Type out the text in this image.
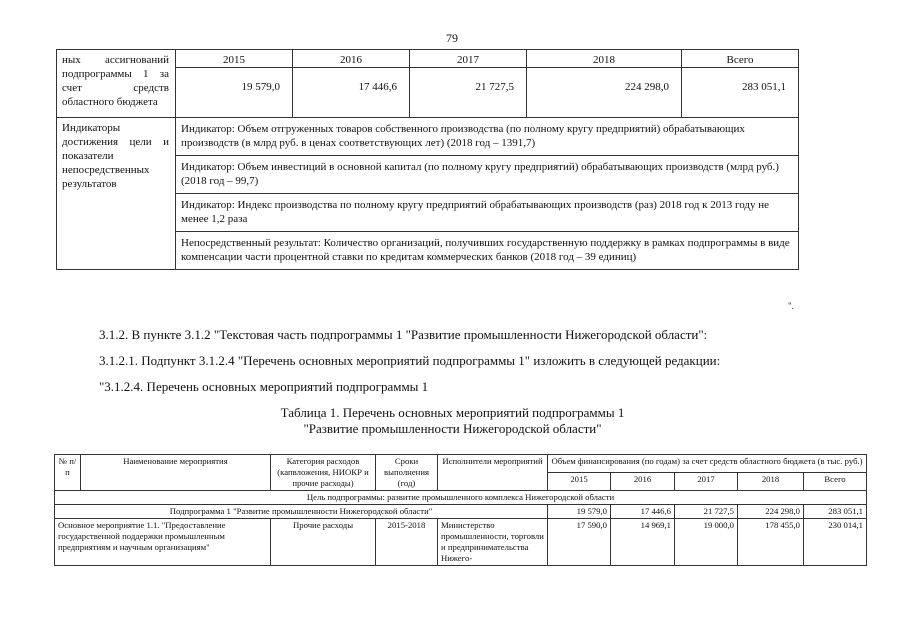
79
ных ассигнований подпрограммы 1 за счет средств областного бюджета	2015	2016	2017	2018	Всего
	19 579,0	17 446,6	21 727,5	224 298,0	283 051,1
Индикаторы достижения цели и показатели непосредственных результатов	Индикатор: Объем отгруженных товаров собственного производства (по полному кругу предприятий) обрабатывающих производств (в млрд руб. в ценах соответствующих лет) (2018 год – 1391,7)				
	Индикатор: Объем инвестиций в основной капитал (по полному кругу предприятий) обрабатывающих производств (млрд руб.) (2018 год – 99,7)				
	Индикатор: Индекс производства по полному кругу предприятий обрабатывающих производств (раз) 2018 год к 2013 году не менее 1,2 раза				
	Непосредственный результат: Количество организаций, получивших государственную поддержку в рамках подпрограммы в виде компенсации части процентной ставки по кредитам коммерческих банков (2018 год – 39 единиц)				
".
3.1.2. В пункте 3.1.2 "Текстовая часть подпрограммы 1 "Развитие промышленности Нижегородской области":
3.1.2.1. Подпункт 3.1.2.4 "Перечень основных мероприятий подпрограммы 1" изложить в следующей редакции:
"3.1.2.4. Перечень основных мероприятий подпрограммы 1
Таблица 1. Перечень основных мероприятий подпрограммы 1
"Развитие промышленности Нижегородской области"
№ п/п	Наименование мероприятия	Категория расходов (капвложения, НИОКР и прочие расходы)	Сроки выполнения (год)	Исполнители мероприятий	Объем финансирования (по годам) за счет средств областного бюджета (в тыс. руб.)				
					2015	2016	2017	2018	Всего
Цель подпрограммы: развитие промышленного комплекса Нижегородской области									
Подпрограмма 1 "Развитие промышленности Нижегородской области"					19 579,0	17 446,6	21 727,5	224 298,0	283 051,1
Основное мероприятие 1.1. "Предоставление государственной поддержки промышленным предприятиям и научным организациям"		Прочие расходы	2015-2018	Министерство промышленности, торговли и предпринимательства Нижего-	17 590,0	14 969,1	19 000,0	178 455,0	230 014,1
